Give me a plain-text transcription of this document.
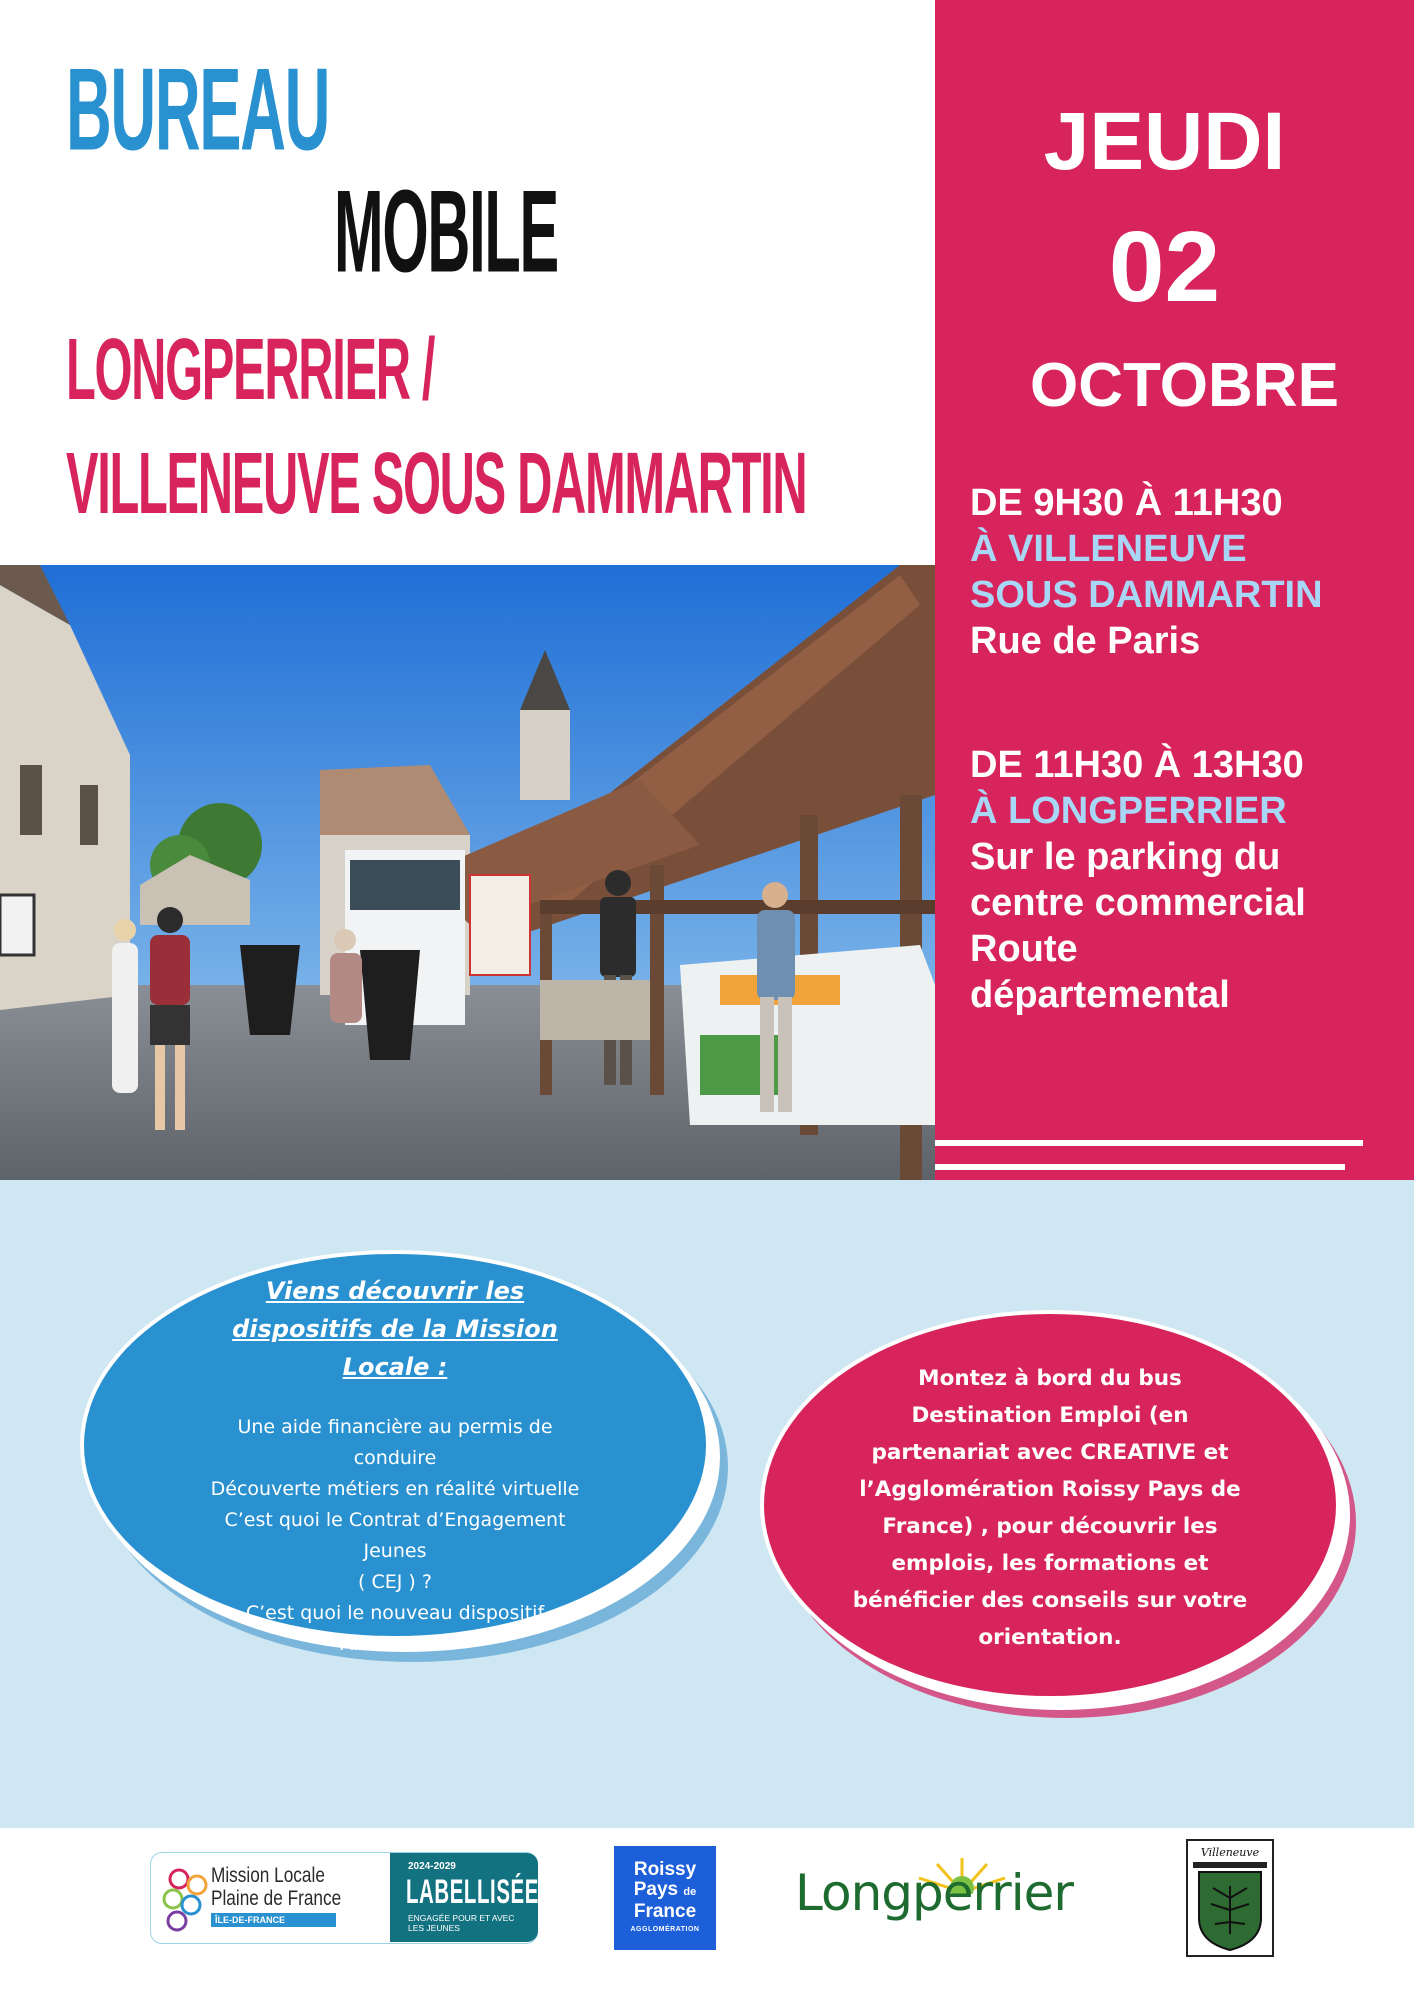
BUREAU
MOBILE
LONGPERRIER /
VILLENEUVE SOUS DAMMARTIN
JEUDI
02
OCTOBRE
DE 9H30 À 11H30
À VILLENEUVE
SOUS DAMMARTIN
Rue de Paris
DE 11H30 À 13H30
À LONGPERRIER
Sur le parking du
centre commercial
Route
départemental
Viens découvrir les dispositifs de la Mission Locale :
Une aide financière au permis de
conduire
Découverte métiers en réalité virtuelle
C’est quoi le Contrat d’Engagement
Jeunes
( CEJ ) ?
C’est quoi le nouveau dispositif
A.C.T.I.V.E ?
Montez à bord du bus
Destination Emploi (en
partenariat avec CREATIVE et
l’Agglomération Roissy Pays de
France) , pour découvrir les
emplois, les formations et
bénéficier des conseils sur votre
orientation.
Mission Locale
Plaine de France
ÎLE-DE-FRANCE
2024-2029
LABELLISÉE !
ENGAGÉE POUR ET AVEC LES JEUNES
Roissy
Pays de
France
AGGLOMÉRATION
Longperrier
Villeneuve
